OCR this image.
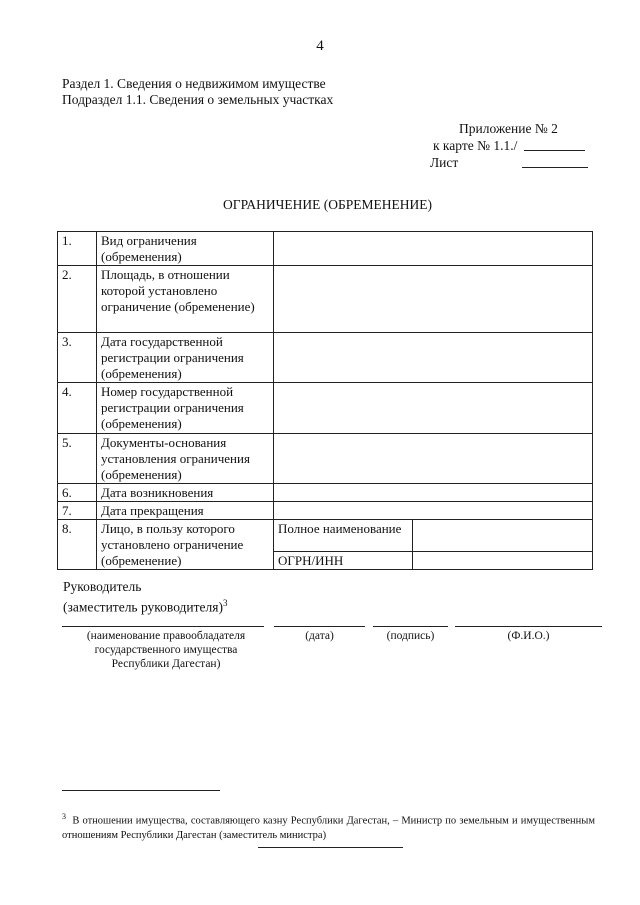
4
Раздел 1. Сведения о недвижимом имуществе
Подраздел 1.1. Сведения о земельных участках
Приложение № 2
к карте № 1.1./
Лист
ОГРАНИЧЕНИЕ (ОБРЕМЕНЕНИЕ)
1.	Вид ограничения (обременения)		
2.	Площадь, в отношении которой установлено ограничение (обременение)		
3.	Дата государственной регистрации ограничения (обременения)		
4.	Номер государственной регистрации ограничения (обременения)		
5.	Документы-основания установления ограничения (обременения)		
6.	Дата возникновения		
7.	Дата прекращения		
8.	Лицо, в пользу которого установлено ограничение (обременение)	Полное наименование	
		ОГРН/ИНН	
Руководитель
(заместитель руководителя)$^3$
(наименование правообладателя государственного имущества Республики Дагестан)
(дата)	(подпись)	(Ф.И.О.)
$^3$ В отношении имущества, составляющего казну Республики Дагестан, – Министр по земельным и имущественным отношениям Республики Дагестан (заместитель министра)
